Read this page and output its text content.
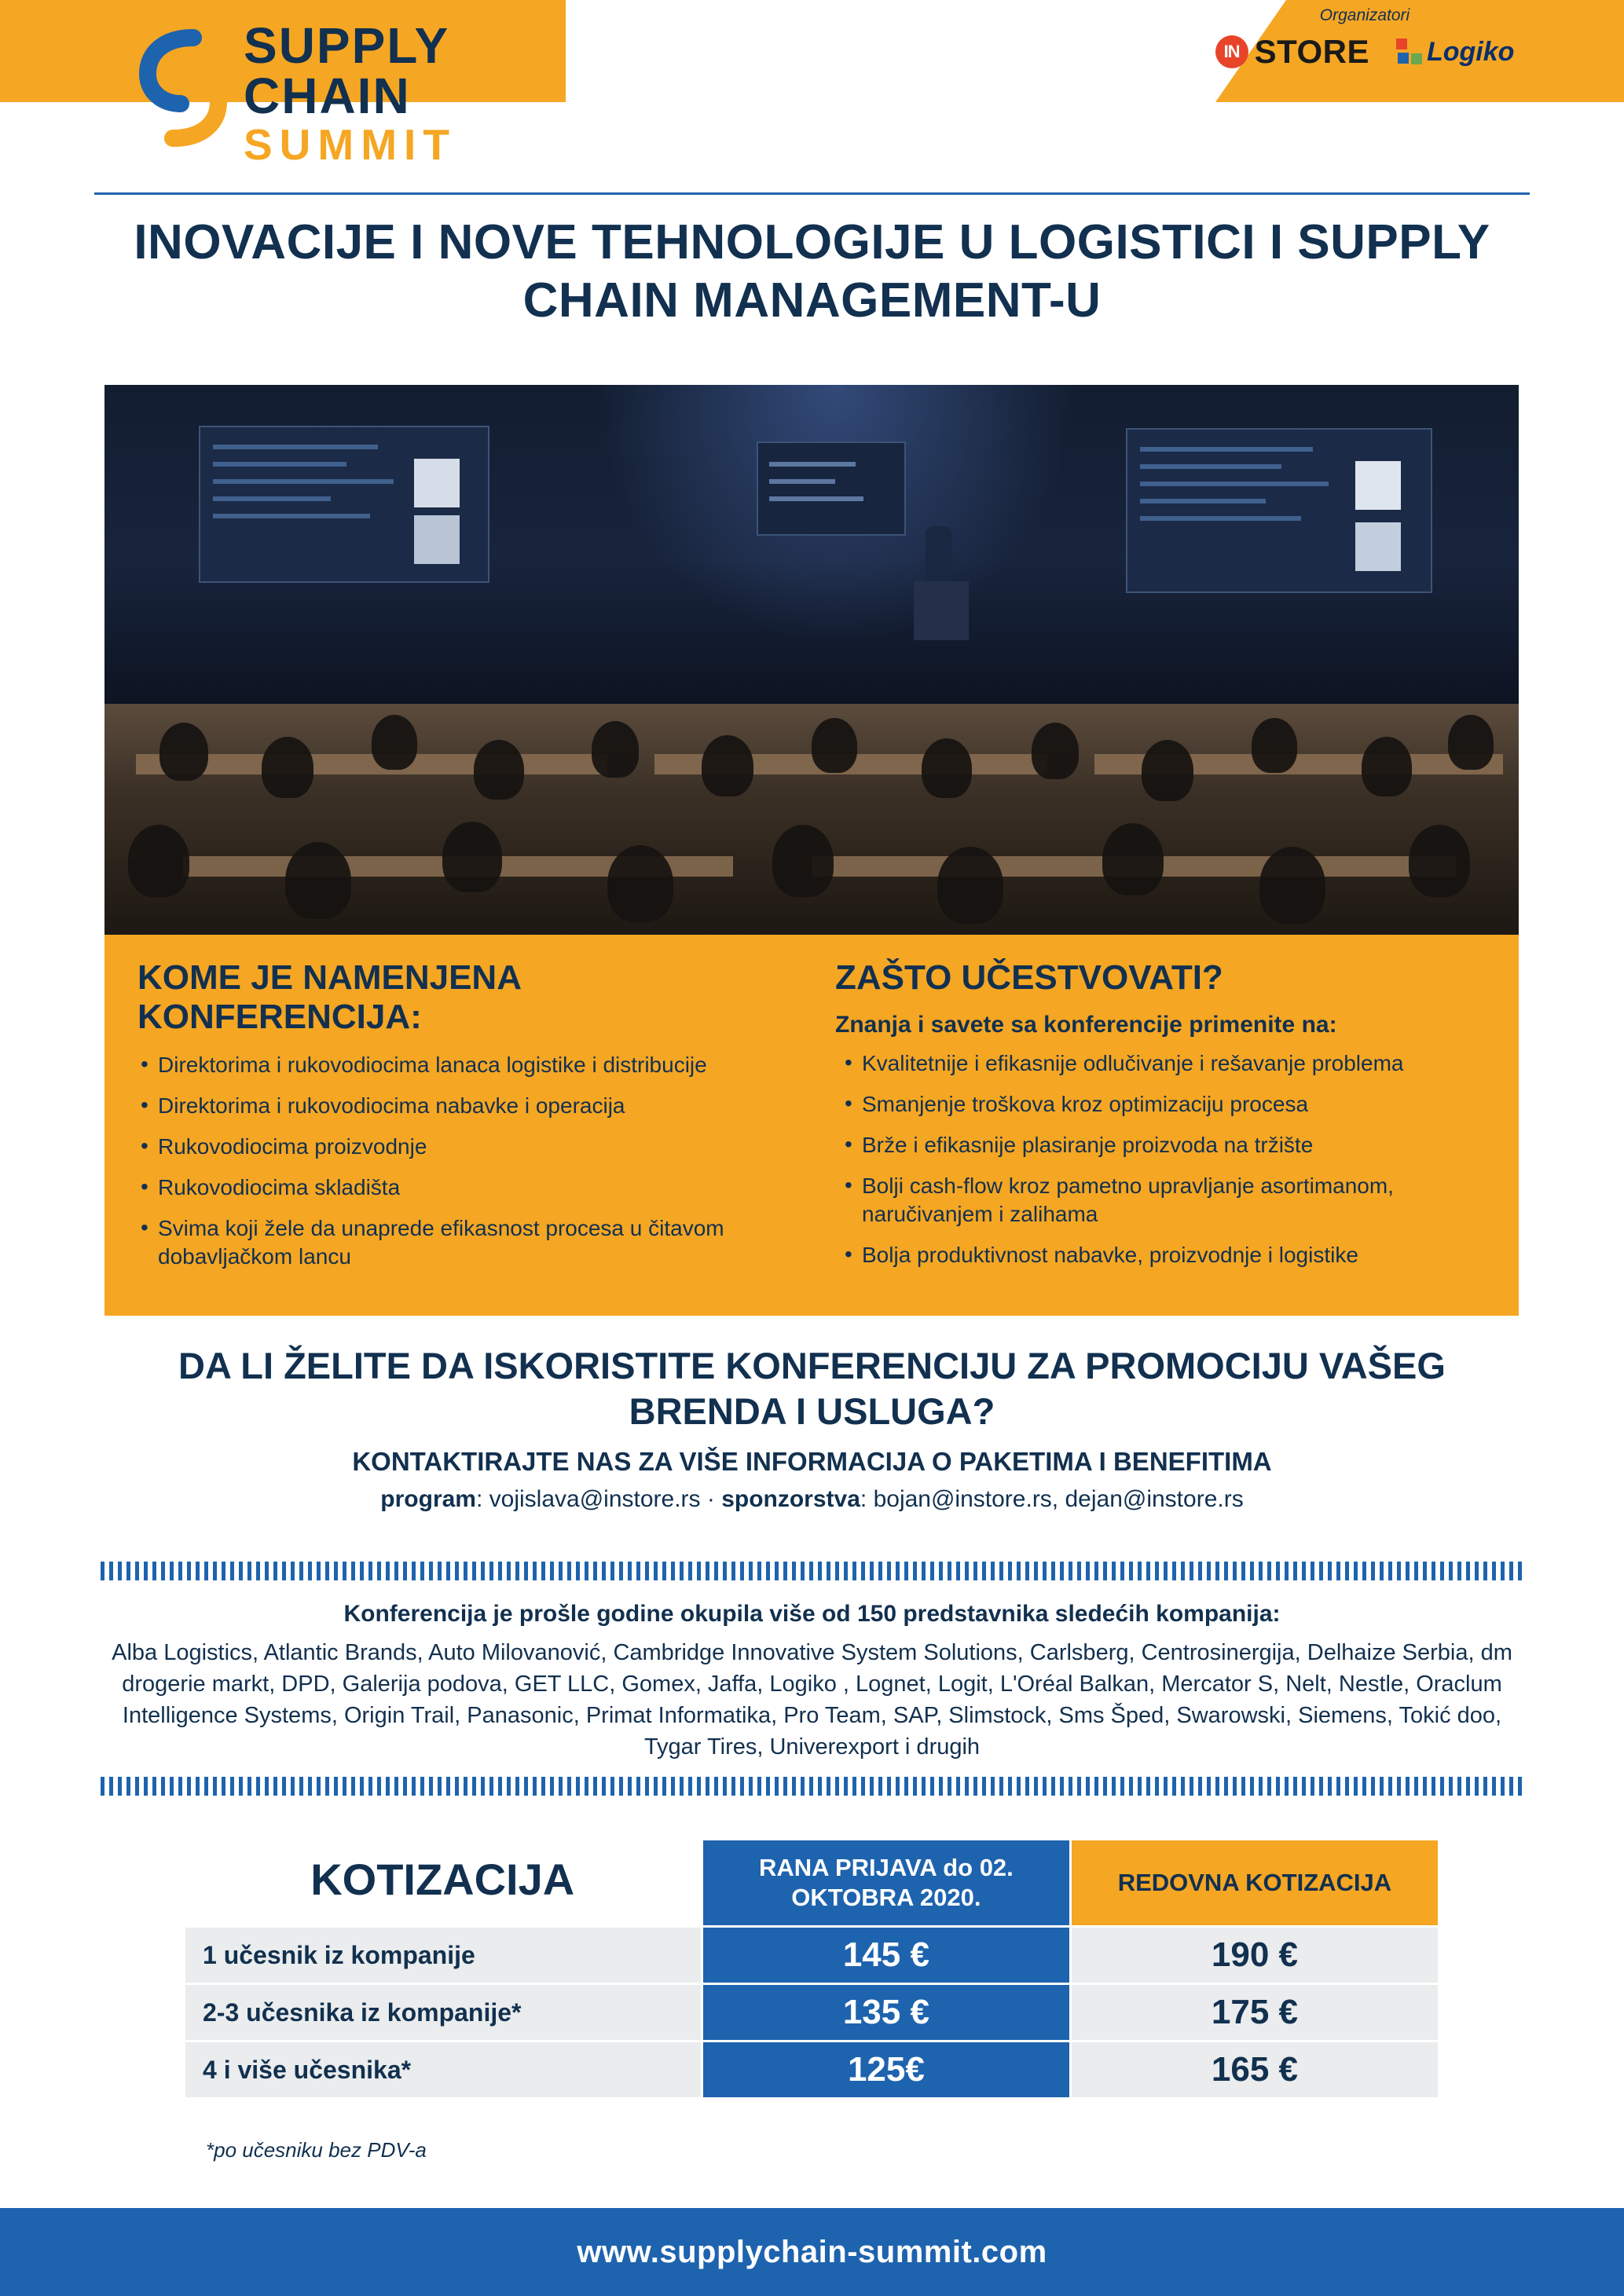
SUPPLY
CHAIN
SUMMIT
Organizatori
IN STORE Logiko
INOVACIJE I NOVE TEHNOLOGIJE U LOGISTICI I SUPPLY CHAIN MANAGEMENT-U
KOME JE NAMENJENA KONFERENCIJA:
• Direktorima i rukovodiocima lanaca logistike i distribucije
• Direktorima i rukovodiocima nabavke i operacija
• Rukovodiocima proizvodnje
• Rukovodiocima skladišta
• Svima koji žele da unaprede efikasnost procesa u čitavom dobavljačkom lancu
ZAŠTO UČESTVOVATI?
Znanja i savete sa konferencije primenite na:
• Kvalitetnije i efikasnije odlučivanje i rešavanje problema
• Smanjenje troškova kroz optimizaciju procesa
• Brže i efikasnije plasiranje proizvoda na tržište
• Bolji cash-flow kroz pametno upravljanje asortimanom, naručivanjem i zalihama
• Bolja produktivnost nabavke, proizvodnje i logistike
DA LI ŽELITE DA ISKORISTITE KONFERENCIJU ZA PROMOCIJU VAŠEG BRENDA I USLUGA?
KONTAKTIRAJTE NAS ZA VIŠE INFORMACIJA O PAKETIMA I BENEFITIMA
program: vojislava@instore.rs · sponzorstva: bojan@instore.rs, dejan@instore.rs
Konferencija je prošle godine okupila više od 150 predstavnika sledećih kompanija:
Alba Logistics, Atlantic Brands, Auto Milovanović, Cambridge Innovative System Solutions, Carlsberg, Centrosinergija, Delhaize Serbia, dm drogerie markt, DPD, Galerija podova, GET LLC, Gomex, Jaffa, Logiko , Lognet, Logit, L'Oréal Balkan, Mercator S, Nelt, Nestle, Oraclum Intelligence Systems, Origin Trail, Panasonic, Primat Informatika, Pro Team, SAP, Slimstock, Sms Šped, Swarowski, Siemens, Tokić doo, Tygar Tires, Univerexport i drugih
KOTIZACIJA	RANA PRIJAVA do 02. OKTOBRA 2020.	REDOVNA KOTIZACIJA
1 učesnik iz kompanije	145 €	190 €
2-3 učesnika iz kompanije*	135 €	175 €
4 i više učesnika*	125€	165 €
*po učesniku bez PDV-a
www.supplychain-summit.com
